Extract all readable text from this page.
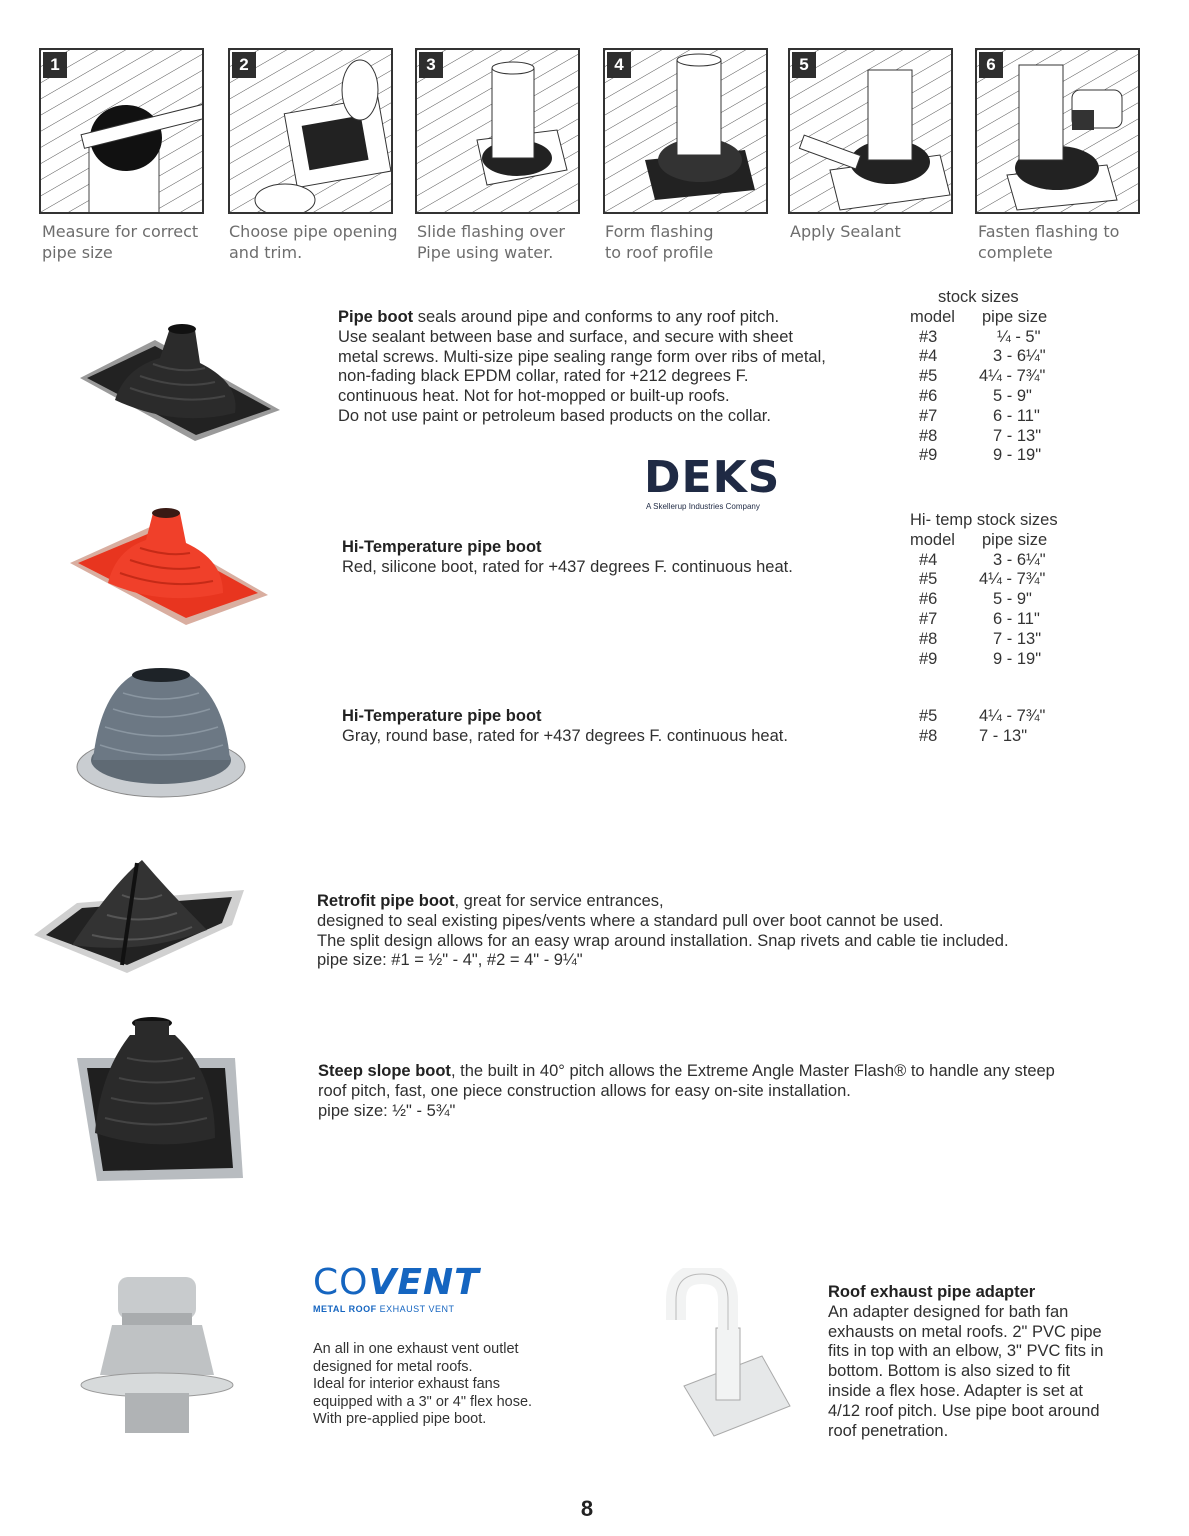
1	2	3	4	5	6
Measure for correct
pipe size
Choose pipe opening
and trim.
Slide flashing over
Pipe using water.
Form flashing
to roof profile
Apply Sealant	Fasten flashing to
complete
Pipe boot seals around pipe and conforms to any roof pitch.
Use sealant between base and surface, and secure with sheet
metal screws. Multi-size pipe sealing range form over ribs of metal,
non-fading black EPDM collar, rated for +212 degrees F.
continuous heat. Not for hot-mopped or built-up roofs.
Do not use paint or petroleum based products on the collar.
stock sizes
model pipe size
#3	¼ - 5"
#4	3 - 6¼"
#5	4¼ - 7¾"
#6	5 - 9"
#7	6 - 11"
#8	7 - 13"
#9	9 - 19"
DEKS
A Skellerup Industries Company
Hi-Temperature pipe boot
Red, silicone boot, rated for +437 degrees F. continuous heat.
Hi- temp stock sizes
model pipe size
#4	3 - 6¼"
#5	4¼ - 7¾"
#6	5 - 9"
#7	6 - 11"
#8	7 - 13"
#9	9 - 19"
Hi-Temperature pipe boot
Gray, round base, rated for +437 degrees F. continuous heat.
#5	4¼ - 7¾"
#8	7 - 13"
Retrofit pipe boot, great for service entrances,
designed to seal existing pipes/vents where a standard pull over boot cannot be used.
The split design allows for an easy wrap around installation. Snap rivets and cable tie included.
pipe size: #1 = ½" - 4", #2 = 4" - 9¼"
Steep slope boot, the built in 40° pitch allows the Extreme Angle Master Flash® to handle any steep
roof pitch, fast, one piece construction allows for easy on-site installation.
pipe size: ½" - 5¾"
COVENT
METAL ROOF EXHAUST VENT
An all in one exhaust vent outlet
designed for metal roofs.
Ideal for interior exhaust fans
equipped with a 3" or 4" flex hose.
With pre-applied pipe boot.
Roof exhaust pipe adapter
An adapter designed for bath fan
exhausts on metal roofs. 2" PVC pipe
fits in top with an elbow, 3" PVC fits in
bottom. Bottom is also sized to fit
inside a flex hose. Adapter is set at
4/12 roof pitch. Use pipe boot around
roof penetration.
8
